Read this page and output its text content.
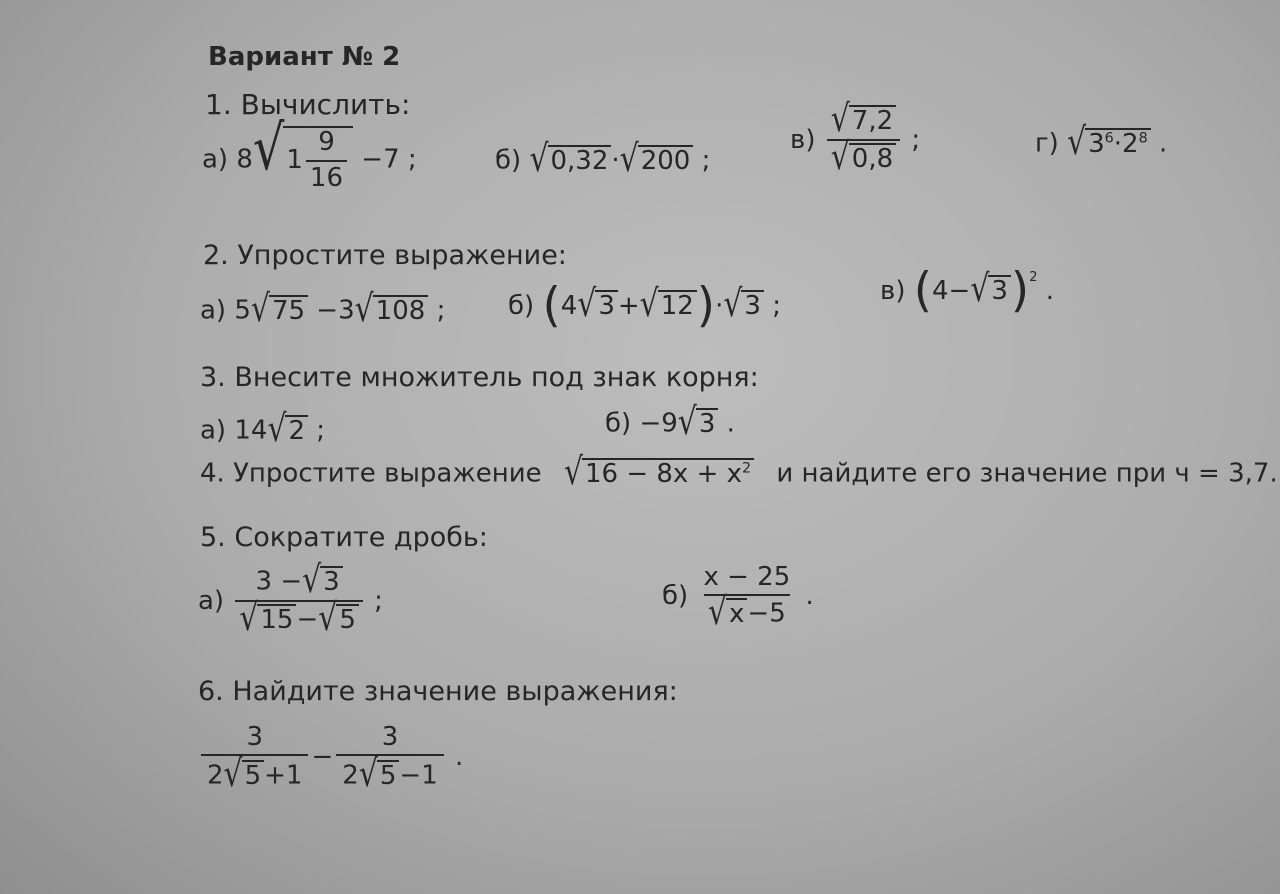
Вариант № 2
1. Вычислить:
а) 8 √ $1 \frac{9}{16} -7$ ;	б) √ 0,32 · √ 200 ;
$в) \frac{√ 7,2}{√ 0,8}$ ;	г) √ $3^6\cdot 2^8$ .
2. Упростите выражение:
а) 5 √ 75 −3 √ 108 ; б) (4 √ 3 + √ 12 )· √ 3 ;	в) (4− √ 3 )$^2$ .
3. Внесите множитель под знак корня:
а) 14 √ 2 ;	б) −9 √ 3 .
4. Упростите выражение √ $16 - 8x + x^2$ и найдите его значение при ч = 3,7.
5. Сократите дробь:
$а) \frac{3 - √ 3}{√ 15 - √ 5}$ ;	$б) \frac{x - 25}{√ x -5}$ .
6. Найдите значение выражения:
$\frac{3}{2 √ 5 +1} - \frac{3}{2 √ 5 -1}$ .
